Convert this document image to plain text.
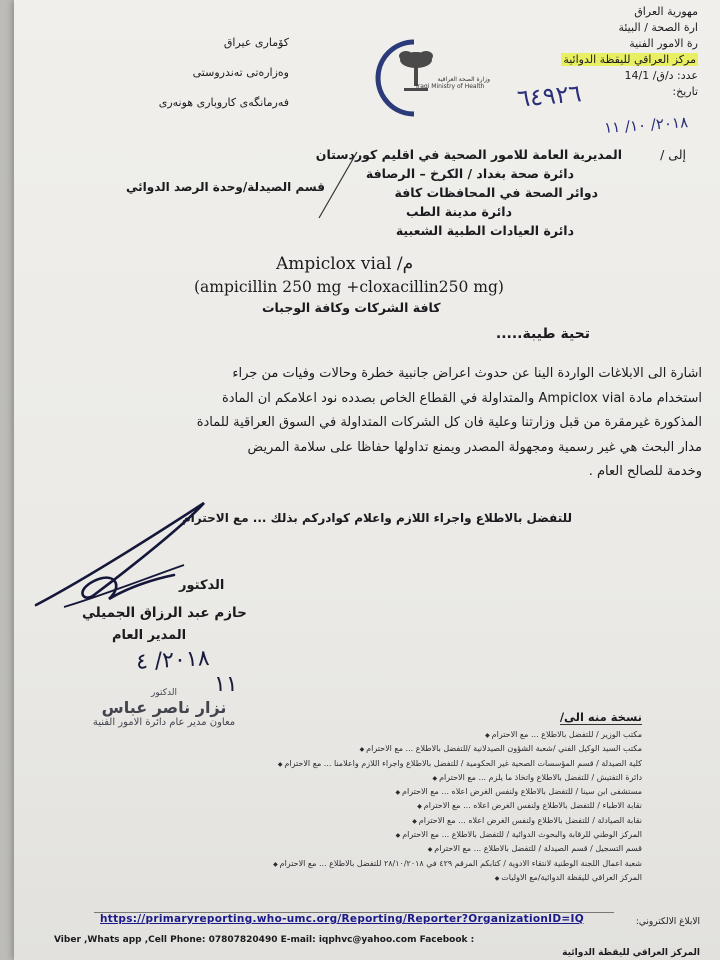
مهورية العراق
ارة الصحة / البيئة
رة الامور الفنية
مركز العراقي لليقظة الدوائية
عدد: د/ق/ 14/1
تاريخ:
كۆماری عیراق
وەزارەتی تەندروستی
فەرمانگەی كاروباری هونەری
وزارة الصحة العراقية
Iraqi Ministry of Health ٦٤٩٢٦
٢٠١٨/ ١٠/ ١١
إلى /
المديرية العامة للامور الصحية في اقليم كوردستان
دائرة صحة بغداد / الكرخ – الرصافة
دوائر الصحة في المحافظات كافة
دائرة مدينة الطب
دائرة العيادات الطبية الشعبية
قسم الصيدلة/وحدة الرصد الدوائي
Ampiclox vial /م
(ampicillin 250 mg +cloxacillin250 mg)
كافة الشركات وكافة الوجبات
تحية طيبة.....
اشارة الى الابلاغات الواردة الينا عن حدوث اعراض جانبية خطرة وحالات وفيات من جراء
استخدام مادة Ampiclox vial والمتداولة في القطاع الخاص بصدده نود اعلامكم ان المادة
المذكورة غيرمقرة من قبل وزارتنا وعلية فان كل الشركات المتداولة في السوق العراقية للمادة
مدار البحث هي غير رسمية ومجهولة المصدر ويمنع تداولها حفاظا على سلامة المريض
وخدمة للصالح العام .
للتفضل بالاطلاع واجراء اللازم واعلام كوادركم بذلك ... مع الاحترام
الدكتور
حازم عبد الرزاق الجميلي
المدير العام
٢٠١٨/ ٤
١١
الدكتور
نزار ناصر عباس
معاون مدير عام دائرة الامور الفنية	نسخة منه الى/
مكتب الوزير / للتفضل بالاطلاع ... مع الاحترام ◆
مكتب السيد الوكيل الفني /شعبة الشؤون الصيدلانية /للتفضل بالاطلاع ... مع الاحترام ◆
كلية الصيدلة / قسم المؤسسات الصحية غير الحكومية / للتفضل بالاطلاع واجراء اللازم واعلامنا ... مع الاحترام ◆
دائرة التفتيش / للتفضل بالاطلاع واتخاذ ما يلزم ... مع الاحترام ◆
مستشفى ابن سينا / للتفضل بالاطلاع ولنفس الغرض اعلاه ... مع الاحترام ◆
نقابة الاطباء / للتفضل بالاطلاع ولنفس الغرض اعلاه ... مع الاحترام ◆
نقابة الصيادلة / للتفضل بالاطلاع ولنفس الغرض اعلاه ... مع الاحترام ◆
المركز الوطني للرقابة والبحوث الدوائية / للتفضل بالاطلاع ... مع الاحترام ◆
قسم التسجيل / قسم الصيدلة / للتفضل بالاطلاع ... مع الاحترام ◆
شعبة اعمال اللجنة الوطنية لانتقاء الادوية / كتابكم المرقم ٤٢٩ في ٢٨/١٠/٢٠١٨ للتفضل بالاطلاع ... مع الاحترام ◆
المركز العراقي لليقظة الدوائية/مع الاوليات ◆
https://primaryreporting.who-umc.org/Reporting/Reporter?OrganizationID=IQ	الابلاغ الالكتروني:
Viber ,Whats app ,Cell Phone: 07807820490 E-mail: iqphvc@yahoo.com Facebook :
المركز العراقي لليقظة الدوائية
